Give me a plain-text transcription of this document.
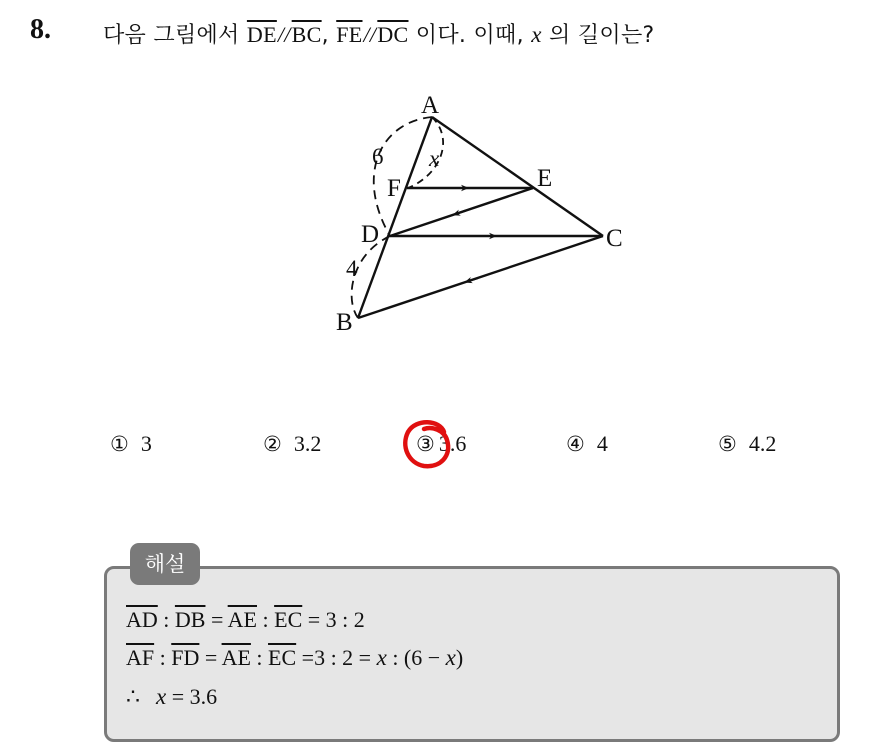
8. 다음 그림에서 $\overline{DE}//\overline{BC}$, $\overline{FE}//\overline{DC}$ 이다. 이때, x 의 길이는?
A
E
F
D	C
B
6 x
4
① 3	② 3.2	③ 3.6	④ 4	⑤ 4.2
해설
$\overline{AD}$ : $\overline{DB} = \overline{AE}$ : $\overline{EC} = 3$ : 2
$\overline{AF}$ : $\overline{FD} = \overline{AE}$ : $\overline{EC} =3$ : 2 = x : (6 − x)
∴ x = 3.6
